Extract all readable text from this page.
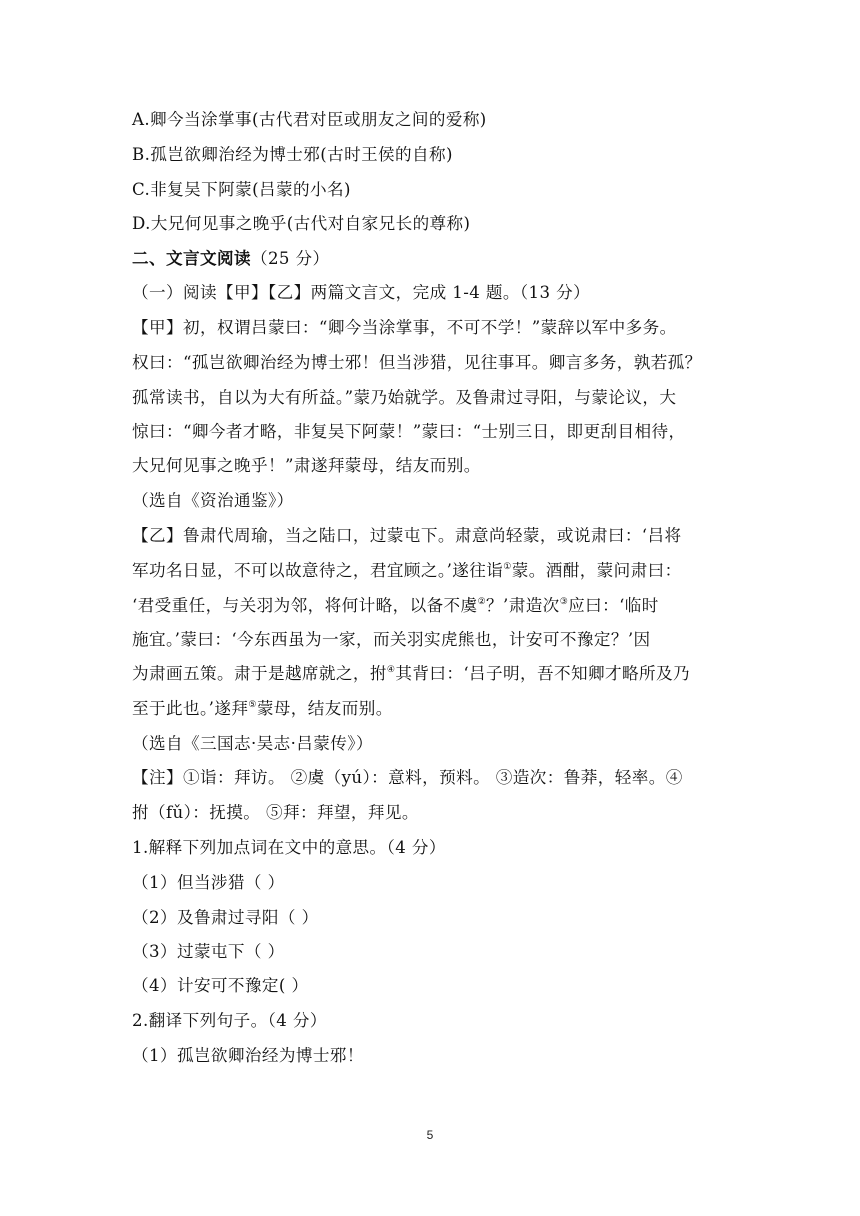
A.卿今当涂掌事(古代君对臣或朋友之间的爱称)
B.孤岂欲卿治经为博士邪(古时王侯的自称)
C.非复吴下阿蒙(吕蒙的小名)
D.大兄何见事之晚乎(古代对自家兄长的尊称)
二、文言文阅读（25 分）
（一）阅读【甲】【乙】两篇文言文，完成 1-4 题。（13 分）
【甲】初，权谓吕蒙曰：“卿今当涂掌事，不可不学！”蒙辞以军中多务。
权曰：“孤岂欲卿治经为博士邪！但当涉猎，见往事耳。卿言多务，孰若孤？
孤常读书，自以为大有所益。”蒙乃始就学。及鲁肃过寻阳，与蒙论议，大
惊曰：“卿今者才略，非复吴下阿蒙！”蒙曰：“士别三日，即更刮目相待，
大兄何见事之晚乎！”肃遂拜蒙母，结友而别。
（选自《资治通鉴》）
【乙】鲁肃代周瑜，当之陆口，过蒙屯下。肃意尚轻蒙，或说肃曰：‘吕将
军功名日显，不可以故意待之，君宜顾之。’遂往诣①蒙。酒酣，蒙问肃曰：
‘君受重任，与关羽为邻，将何计略，以备不虞②？’肃造次③应曰：‘临时
施宜。’蒙曰：‘今东西虽为一家，而关羽实虎熊也，计安可不豫定？’因
为肃画五策。肃于是越席就之，拊④其背曰：‘吕子明，吾不知卿才略所及乃
至于此也。’遂拜⑤蒙母，结友而别。
（选自《三国志·吴志·吕蒙传》）
【注】①诣：拜访。 ②虞（yú）：意料，预料。 ③造次：鲁莽，轻率。④
拊（fǔ）：抚摸。 ⑤拜：拜望，拜见。
1.解释下列加点词在文中的意思。（4 分）
（1）但当涉猎（ ）
（2）及鲁肃过寻阳（ ）
（3）过蒙屯下（ ）
（4）计安可不豫定( ）
2.翻译下列句子。（4 分）
（1）孤岂欲卿治经为博士邪！
5
